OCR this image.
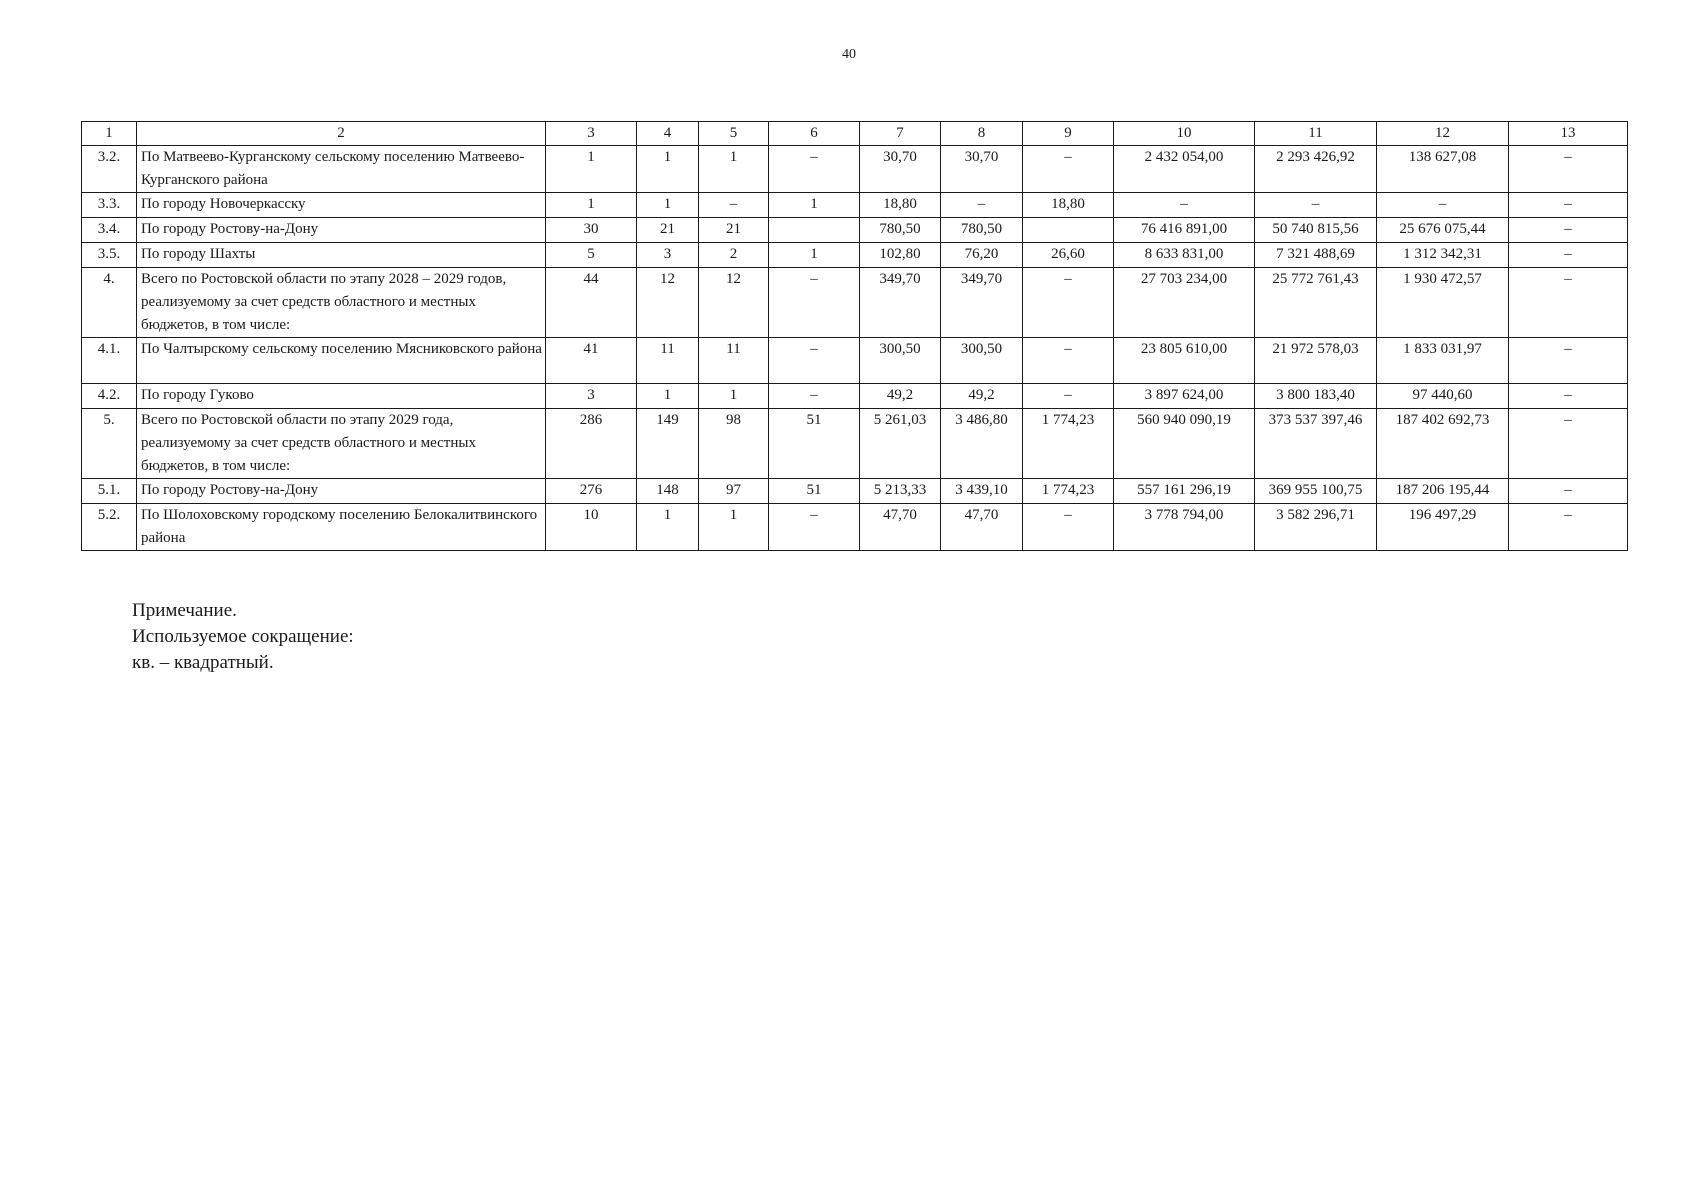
40
1	2	3	4	5	6	7	8	9	10	11	12	13
3.2.	По Матвеево-Курганскому сельскому поселению Матвеево-Курганского района	1	1	1	–	30,70	30,70	–	2 432 054,00	2 293 426,92	138 627,08	–
3.3.	По городу Новочеркасску	1	1	–	1	18,80	–	18,80	–	–	–	–
3.4.	По городу Ростову-на-Дону	30	21	21		780,50	780,50		76 416 891,00	50 740 815,56	25 676 075,44	–
3.5.	По городу Шахты	5	3	2	1	102,80	76,20	26,60	8 633 831,00	7 321 488,69	1 312 342,31	–
4.	Всего по Ростовской области по этапу 2028 – 2029 годов, реализуемому за счет средств областного и местных бюджетов, в том числе:	44	12	12	–	349,70	349,70	–	27 703 234,00	25 772 761,43	1 930 472,57	–
4.1.	По Чалтырскому сельскому поселению Мясниковского района	41	11	11	–	300,50	300,50	–	23 805 610,00	21 972 578,03	1 833 031,97	–
4.2.	По городу Гуково	3	1	1	–	49,2	49,2	–	3 897 624,00	3 800 183,40	97 440,60	–
5.	Всего по Ростовской области по этапу 2029 года, реализуемому за счет средств областного и местных бюджетов, в том числе:	286	149	98	51	5 261,03	3 486,80	1 774,23	560 940 090,19	373 537 397,46	187 402 692,73	–
5.1.	По городу Ростову-на-Дону	276	148	97	51	5 213,33	3 439,10	1 774,23	557 161 296,19	369 955 100,75	187 206 195,44	–
5.2.	По Шолоховскому городскому поселению Белокалитвинского района	10	1	1	–	47,70	47,70	–	3 778 794,00	3 582 296,71	196 497,29	–
Примечание.
Используемое сокращение:
кв. – квадратный.
